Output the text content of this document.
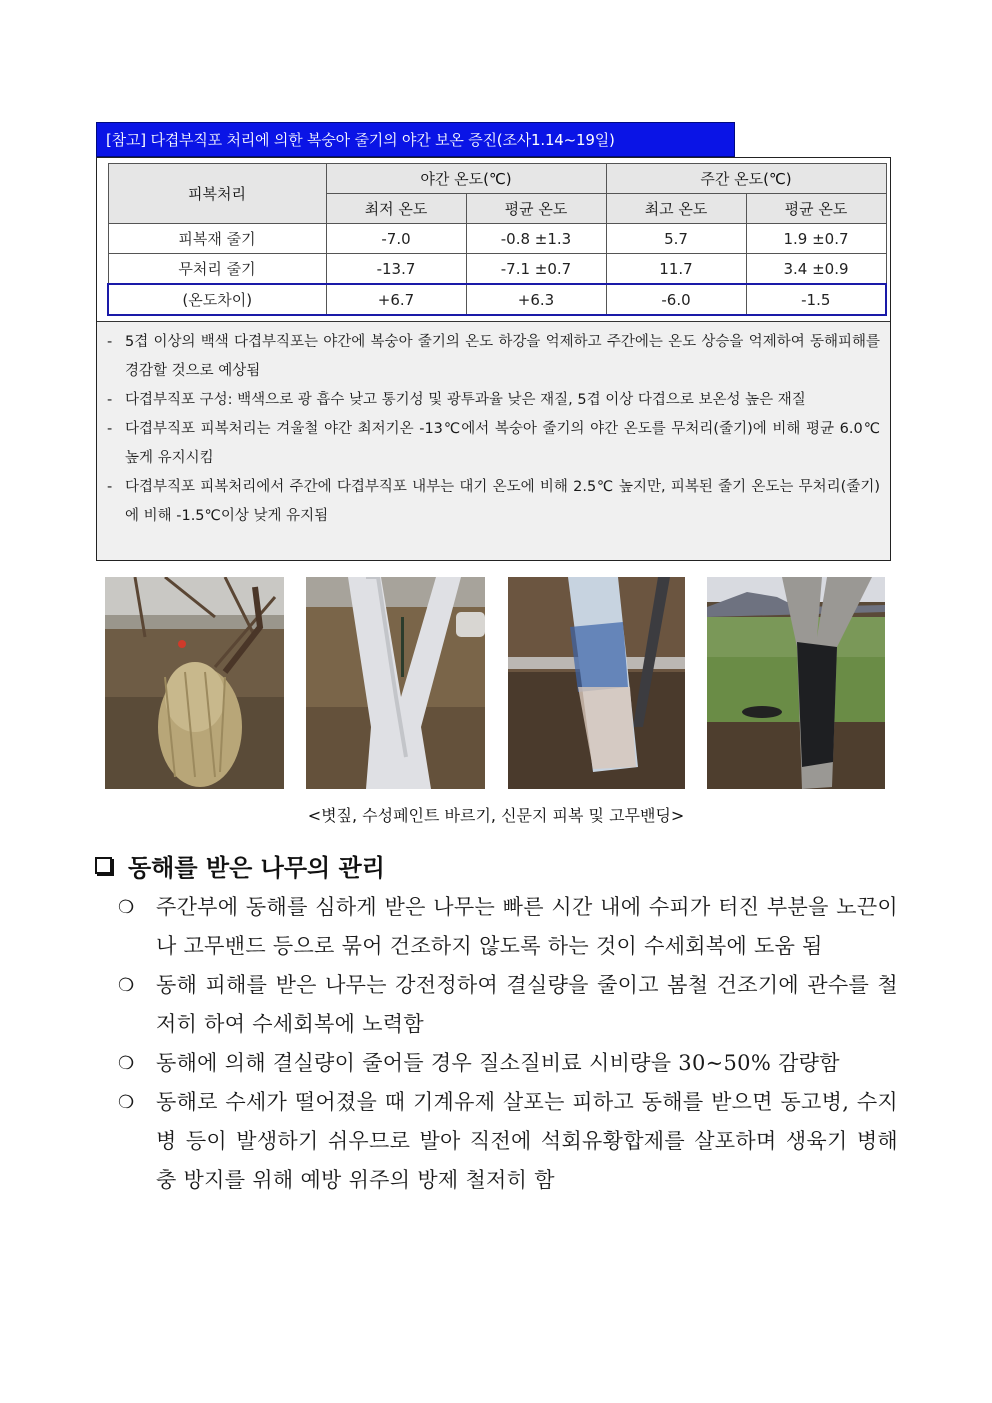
[참고] 다겹부직포 처리에 의한 복숭아 줄기의 야간 보온 증진(조사1.14~19일)
피복처리	야간 온도(℃)		주간 온도(℃)	
	최저 온도	평균 온도	최고 온도	평균 온도
피복재 줄기	-7.0	-0.8 ±1.3	5.7	1.9 ±0.7
무처리 줄기	-13.7	-7.1 ±0.7	11.7	3.4 ±0.9
(온도차이)	+6.7	+6.3	-6.0	-1.5
- 5겹 이상의 백색 다겹부직포는 야간에 복숭아 줄기의 온도 하강을 억제하고 주간에는 온도 상승을 억제하여 동해피해를 경감할 것으로 예상됨
- 다겹부직포 구성: 백색으로 광 흡수 낮고 통기성 및 광투과율 낮은 재질, 5겹 이상 다겹으로 보온성 높은 재질
- 다겹부직포 피복처리는 겨울철 야간 최저기온 -13℃에서 복숭아 줄기의 야간 온도를 무처리(줄기)에 비해 평균 6.0℃ 높게 유지시킴
- 다겹부직포 피복처리에서 주간에 다겹부직포 내부는 대기 온도에 비해 2.5℃ 높지만, 피복된 줄기 온도는 무처리(줄기)에 비해 -1.5℃이상 낮게 유지됨
<볏짚, 수성페인트 바르기, 신문지 피복 및 고무밴딩>
동해를 받은 나무의 관리
❍	주간부에 동해를 심하게 받은 나무는 빠른 시간 내에 수피가 터진 부분을 노끈이나 고무밴드 등으로 묶어 건조하지 않도록 하는 것이 수세회복에 도움 됨
❍	동해 피해를 받은 나무는 강전정하여 결실량을 줄이고 봄철 건조기에 관수를 철저히 하여 수세회복에 노력함
❍	동해에 의해 결실량이 줄어들 경우 질소질비료 시비량을 30∼50% 감량함
❍	동해로 수세가 떨어졌을 때 기계유제 살포는 피하고 동해를 받으면 동고병, 수지병 등이 발생하기 쉬우므로 발아 직전에 석회유황합제를 살포하며 생육기 병해충 방지를 위해 예방 위주의 방제 철저히 함
